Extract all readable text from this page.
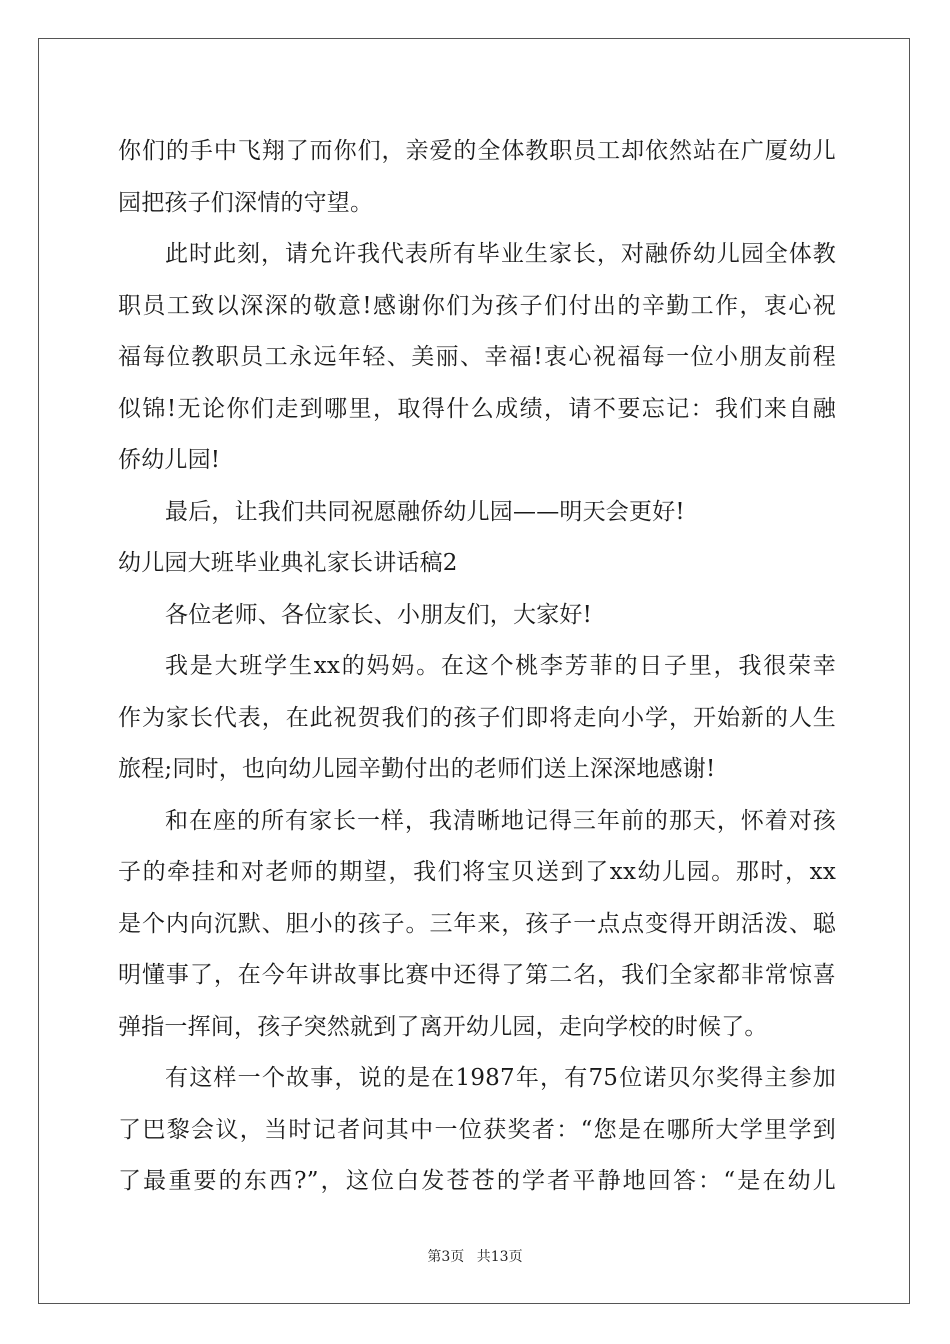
你们的手中飞翔了而你们，亲爱的全体教职员工却依然站在广厦幼儿
园把孩子们深情的守望。
此时此刻，请允许我代表所有毕业生家长，对融侨幼儿园全体教
职员工致以深深的敬意!感谢你们为孩子们付出的辛勤工作，衷心祝
福每位教职员工永远年轻、美丽、幸福!衷心祝福每一位小朋友前程
似锦!无论你们走到哪里，取得什么成绩，请不要忘记：我们来自融
侨幼儿园!
最后，让我们共同祝愿融侨幼儿园——明天会更好!
幼儿园大班毕业典礼家长讲话稿2
各位老师、各位家长、小朋友们，大家好!
我是大班学生xx的妈妈。在这个桃李芳菲的日子里，我很荣幸
作为家长代表，在此祝贺我们的孩子们即将走向小学，开始新的人生
旅程;同时，也向幼儿园辛勤付出的老师们送上深深地感谢!
和在座的所有家长一样，我清晰地记得三年前的那天，怀着对孩
子的牵挂和对老师的期望，我们将宝贝送到了xx幼儿园。那时，xx
是个内向沉默、胆小的孩子。三年来，孩子一点点变得开朗活泼、聪
明懂事了，在今年讲故事比赛中还得了第二名，我们全家都非常惊喜
弹指一挥间，孩子突然就到了离开幼儿园，走向学校的时候了。
有这样一个故事，说的是在1987年，有75位诺贝尔奖得主参加
了巴黎会议，当时记者问其中一位获奖者：“您是在哪所大学里学到
了最重要的东西?”，这位白发苍苍的学者平静地回答：“是在幼儿
第3页 共13页
